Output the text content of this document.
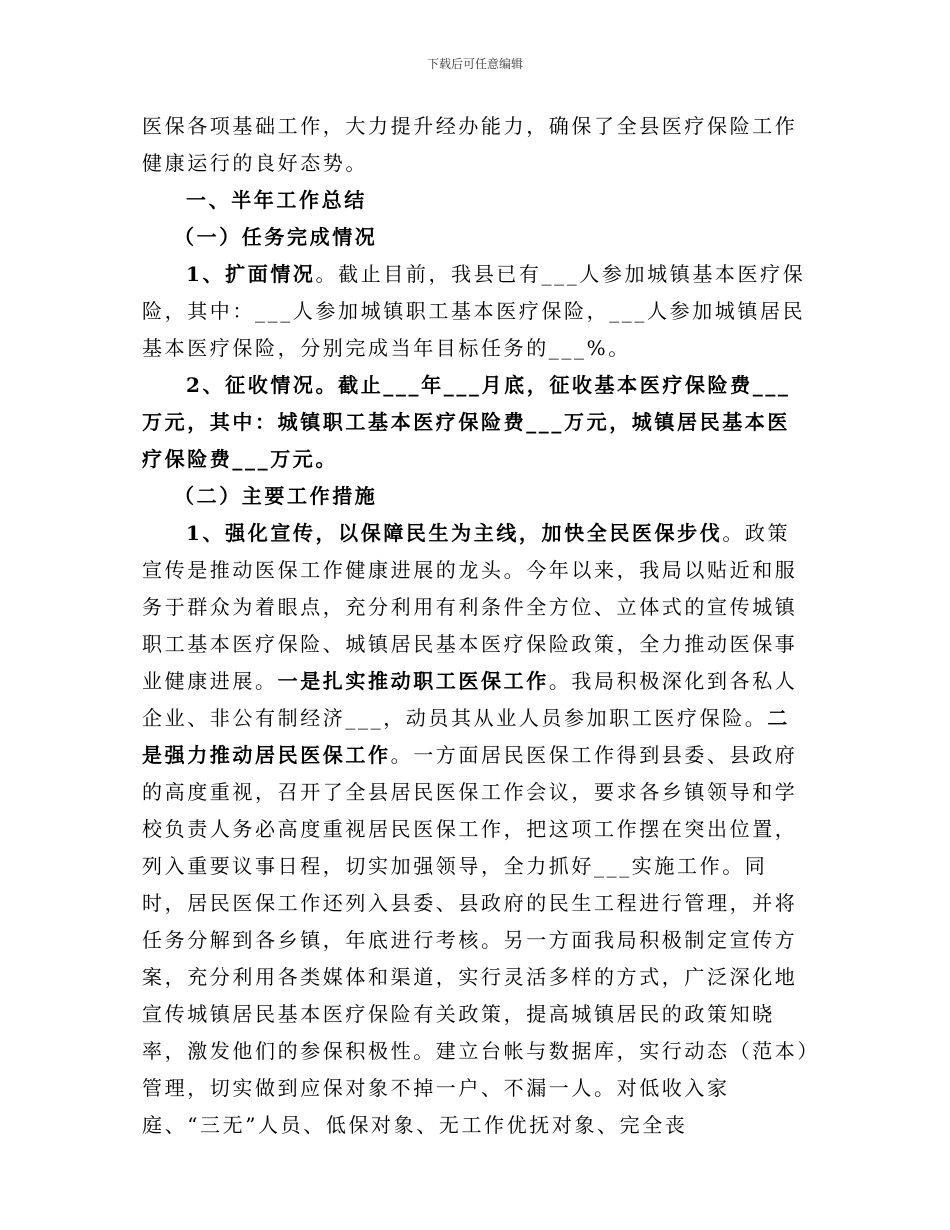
下载后可任意编辑

医保各项基础工作，大力提升经办能力，确保了全县医疗保险工作健康运行的良好态势。

一、半年工作总结

（一）任务完成情况

1、扩面情况。截止目前，我县已有___人参加城镇基本医疗保险，其中：___人参加城镇职工基本医疗保险，___人参加城镇居民基本医疗保险，分别完成当年目标任务的___%。

2、征收情况。截止___年___月底，征收基本医疗保险费___万元，其中：城镇职工基本医疗保险费___万元，城镇居民基本医疗保险费___万元。

（二）主要工作措施

1、强化宣传，以保障民生为主线，加快全民医保步伐。政策宣传是推动医保工作健康进展的龙头。今年以来，我局以贴近和服务于群众为着眼点，充分利用有利条件全方位、立体式的宣传城镇职工基本医疗保险、城镇居民基本医疗保险政策，全力推动医保事业健康进展。一是扎实推动职工医保工作。我局积极深化到各私人企业、非公有制经济___，动员其从业人员参加职工医疗保险。二是强力推动居民医保工作。一方面居民医保工作得到县委、县政府的高度重视，召开了全县居民医保工作会议，要求各乡镇领导和学校负责人务必高度重视居民医保工作，把这项工作摆在突出位置，列入重要议事日程，切实加强领导，全力抓好___实施工作。同时，居民医保工作还列入县委、县政府的民生工程进行管理，并将任务分解到各乡镇，年底进行考核。另一方面我局积极制定宣传方案，充分利用各类媒体和渠道，实行灵活多样的方式，广泛深化地宣传城镇居民基本医疗保险有关政策，提高城镇居民的政策知晓率，激发他们的参保积极性。建立台帐与数据库，实行动态（范本）管理，切实做到应保对象不掉一户、不漏一人。对低收入家庭、“三无”人员、低保对象、无工作优抚对象、完全丧
